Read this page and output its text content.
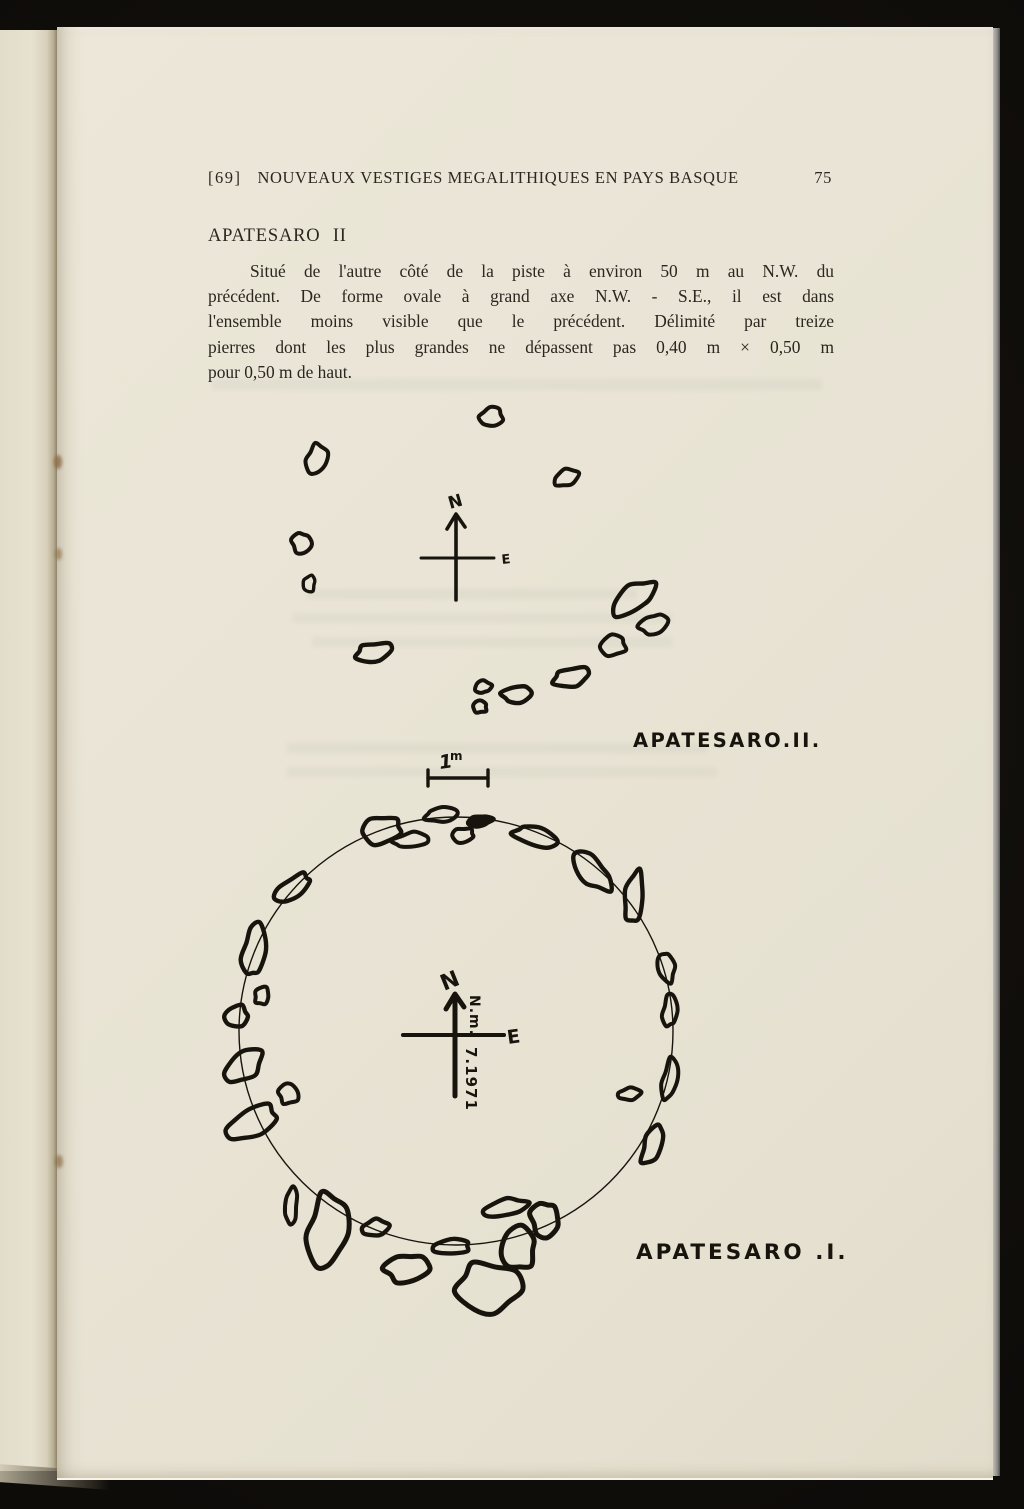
[69] NOUVEAUX VESTIGES MEGALITHIQUES EN PAYS BASQUE	75
APATESARO II
Situé de l'autre côté de la piste à environ 50 m au N.W. du
précédent. De forme ovale à grand axe N.W. - S.E., il est dans
l'ensemble moins visible que le précédent. Délimité par treize
pierres dont les plus grandes ne dépassent pas 0,40 m × 0,50 m
pour 0,50 m de haut.
N
E
N.m.
7.1971
APATESARO .I.
N
E
APATESARO.II.
1
m
